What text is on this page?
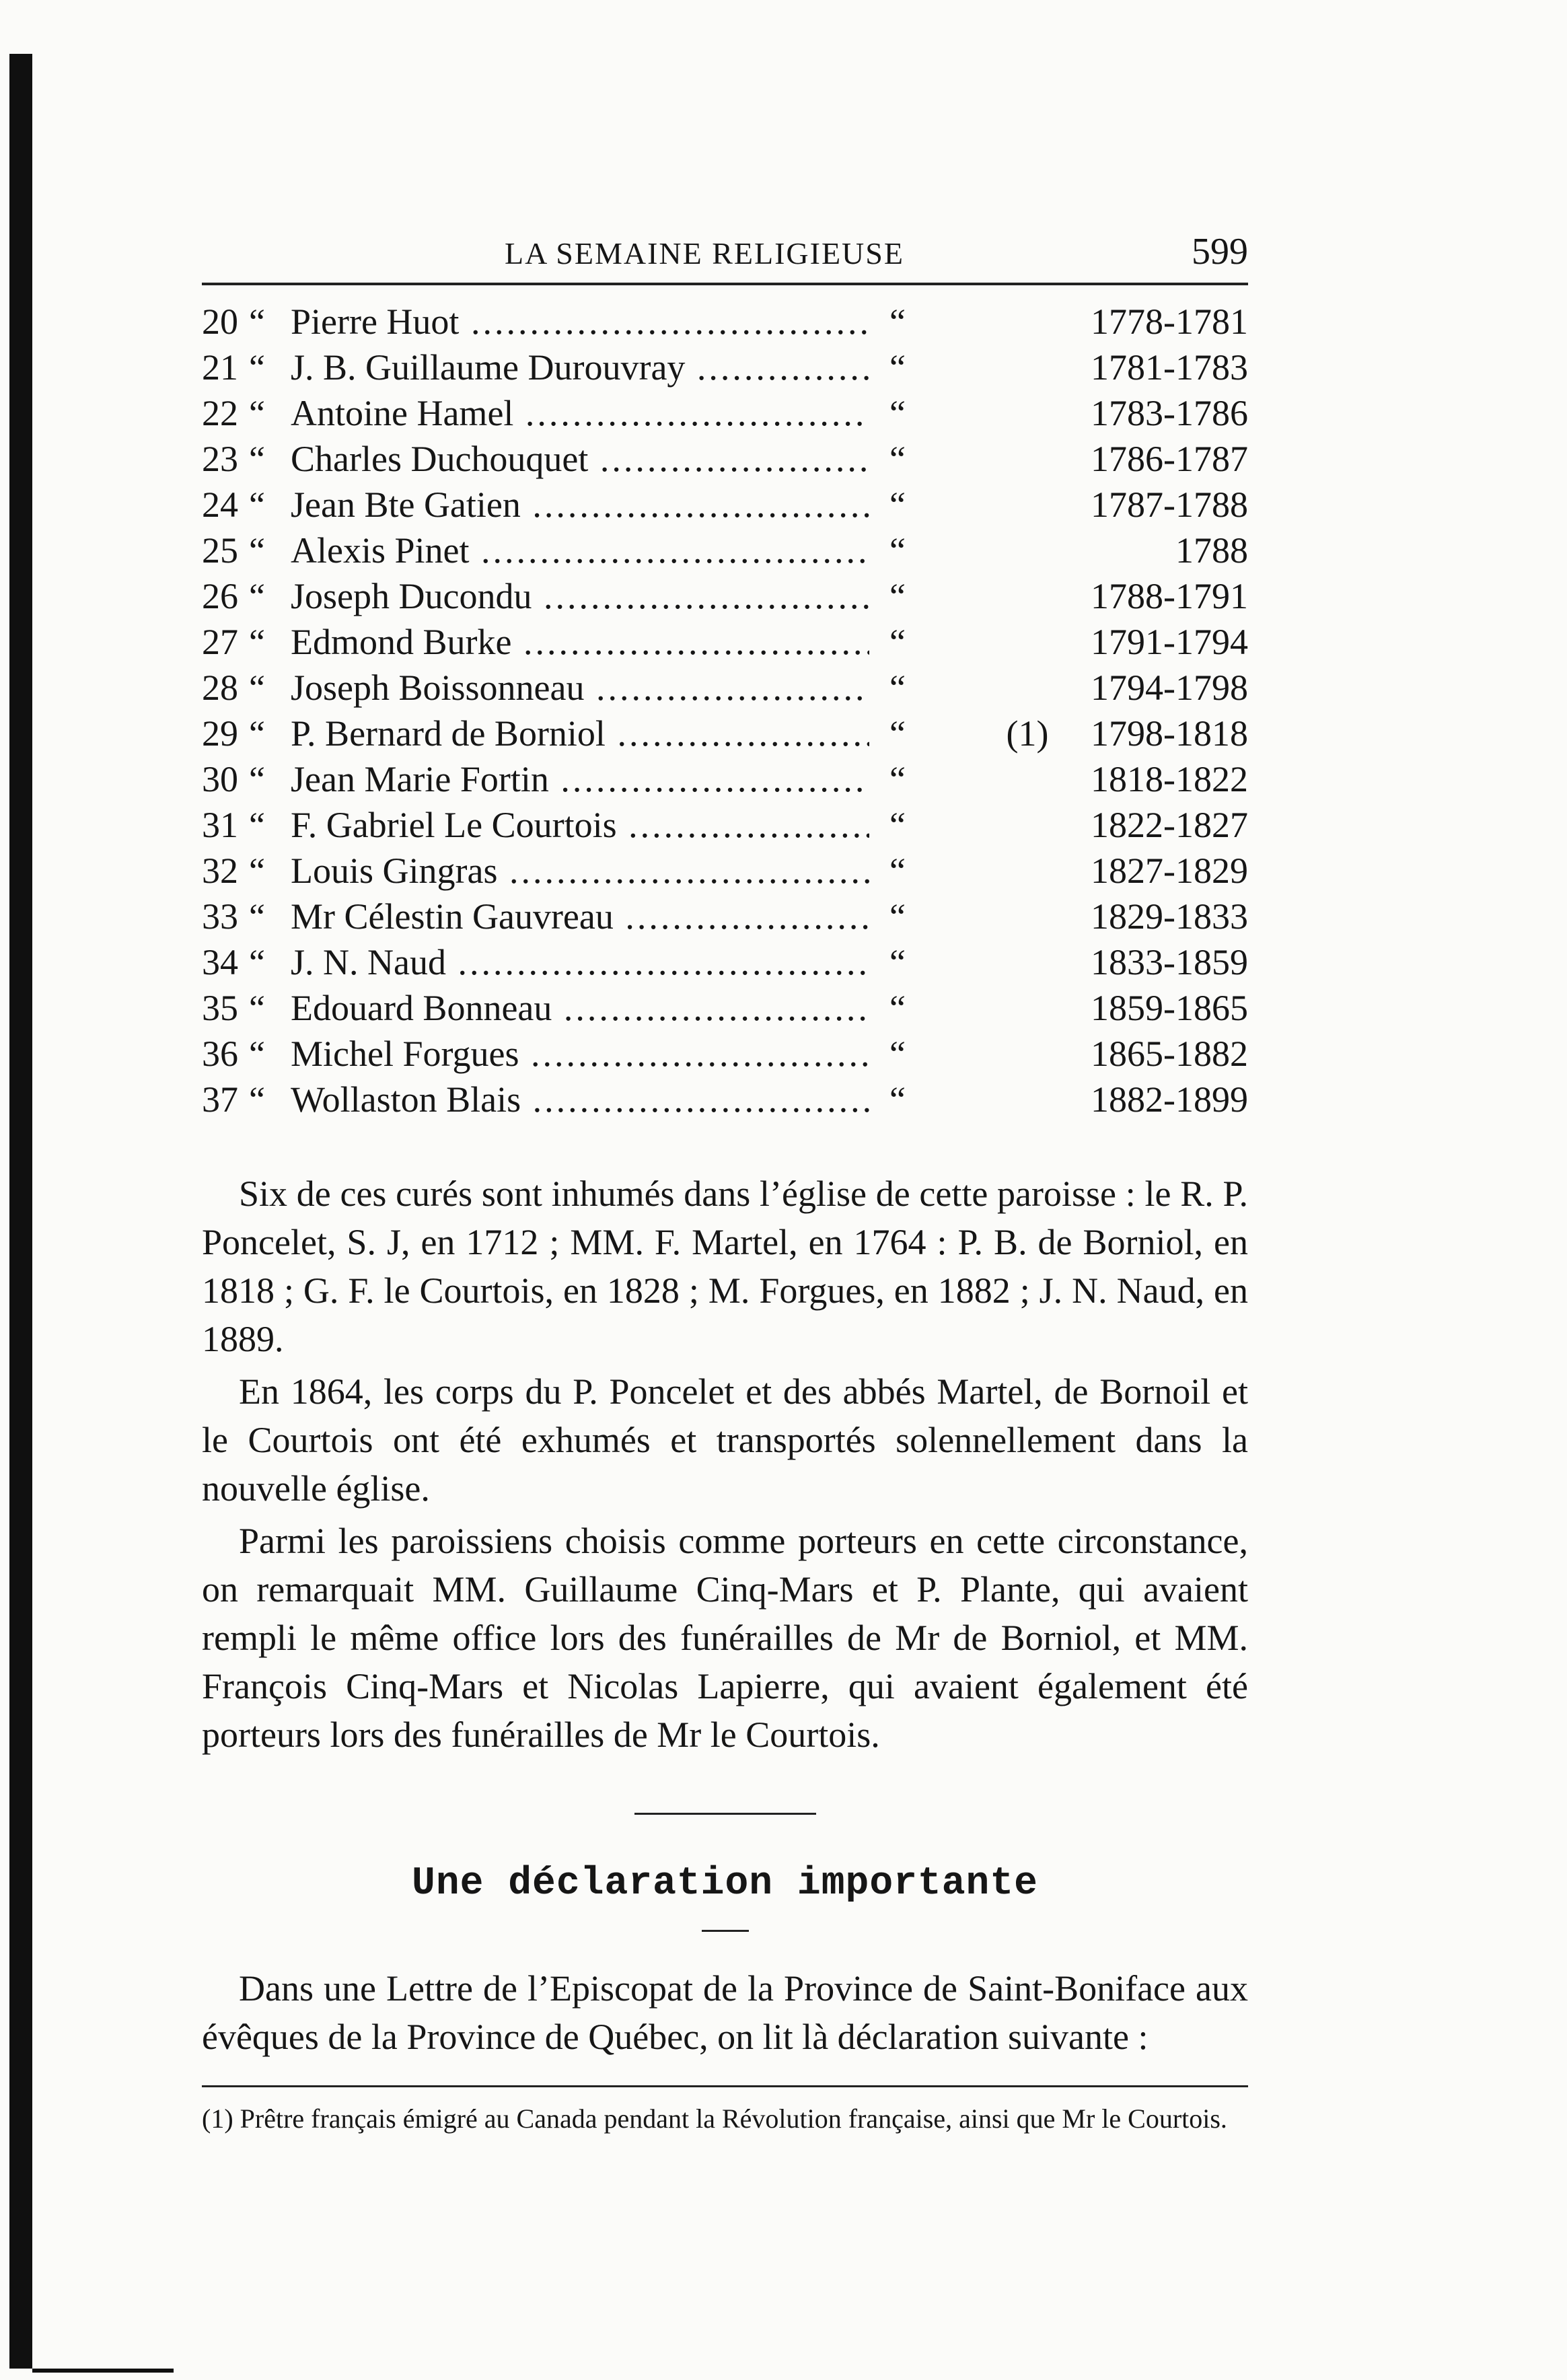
LA SEMAINE RELIGIEUSE	599
20 “ Pierre Huot .....	“	1778-1781
21 “ J. B. Guillaume Durouvray .....	“	1781-1783
22 “ Antoine Hamel .....	“	1783-1786
23 “ Charles Duchouquet .....	“	1786-1787
24 “ Jean Bte Gatien .....	“	1787-1788
25 “ Alexis Pinet .....	“	1788
26 “ Joseph Ducondu .....	“	1788-1791
27 “ Edmond Burke .....	“	1791-1794
28 “ Joseph Boissonneau .....	“	1794-1798
29 “ P. Bernard de Borniol .....	“	(1)	1798-1818
30 “ Jean Marie Fortin .....	“	1818-1822
31 “ F. Gabriel Le Courtois .....	“	1822-1827
32 “ Louis Gingras .....	“	1827-1829
33 “ Mr Célestin Gauvreau .....	“	1829-1833
34 “ J. N. Naud .....	“	1833-1859
35 “ Edouard Bonneau .....	“	1859-1865
36 “ Michel Forgues .....	“	1865-1882
37 “ Wollaston Blais .....	“	1882-1899

Six de ces curés sont inhumés dans l’église de cette paroisse : le R. P. Poncelet, S. J, en 1712 ; MM. F. Martel, en 1764 : P. B. de Borniol, en 1818 ; G. F. le Courtois, en 1828 ; M. Forgues, en 1882 ; J. N. Naud, en 1889.

En 1864, les corps du P. Poncelet et des abbés Martel, de Bornoil et le Courtois ont été exhumés et transportés solennellement dans la nouvelle église.

Parmi les paroissiens choisis comme porteurs en cette circonstance, on remarquait MM. Guillaume Cinq-Mars et P. Plante, qui avaient rempli le même office lors des funérailles de Mr de Borniol, et MM. François Cinq-Mars et Nicolas Lapierre, qui avaient également été porteurs lors des funérailles de Mr le Courtois.

Une déclaration importante

Dans une Lettre de l’Episcopat de la Province de Saint-Boniface aux évêques de la Province de Québec, on lit là déclaration suivante :

(1) Prêtre français émigré au Canada pendant la Révolution française, ainsi que Mr le Courtois.
